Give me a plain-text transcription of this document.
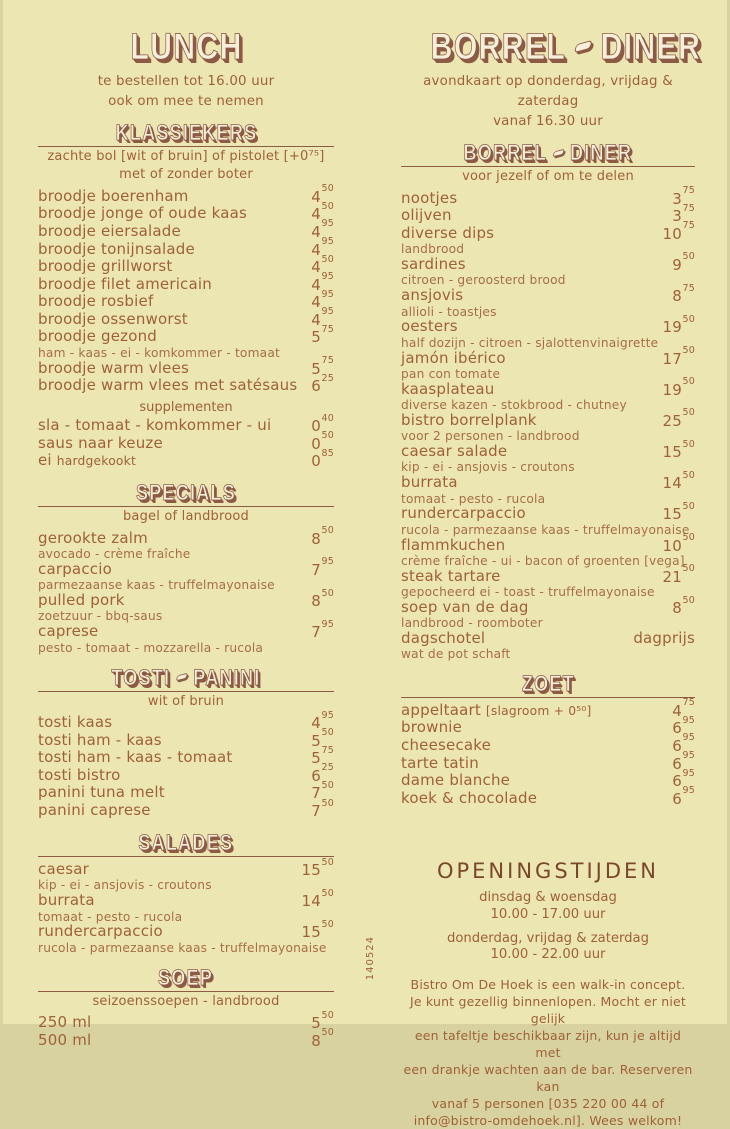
LUNCH
te bestellen tot 16.00 uur
ook om mee te nemen
KLASSIEKERS
zachte bol [wit of bruin] of pistolet [+0⁷⁵]
met of zonder boter
broodje boerenham	$4^{50}$
broodje jonge of oude kaas	$4^{50}$
broodje eiersalade	$4^{95}$
broodje tonijnsalade	$4^{95}$
broodje grillworst	$4^{50}$
broodje filet americain	$4^{95}$
broodje rosbief	$4^{95}$
broodje ossenworst	$4^{95}$
broodje gezond	$5^{75}$
ham - kaas - ei - komkommer - tomaat
broodje warm vlees	$5^{75}$
broodje warm vlees met satésaus $6^{25}$
supplementen
sla - tomaat - komkommer - ui	$0^{40}$
saus naar keuze	$0^{50}$
ei hardgekookt	$0^{85}$
SPECIALS
bagel of landbrood
gerookte zalm	$8^{50}$
avocado - crème fraîche
carpaccio	$7^{95}$
parmezaanse kaas - truffelmayonaise
pulled pork	$8^{50}$
zoetzuur - bbq-saus
caprese	$7^{95}$
pesto - tomaat - mozzarella - rucola
TOSTI PANINI
wit of bruin
tosti kaas	$4^{95}$
tosti ham - kaas	$5^{50}$
tosti ham - kaas - tomaat	$5^{75}$
tosti bistro	$6^{25}$
panini tuna melt	$7^{50}$
panini caprese	$7^{50}$
SALADES
caesar	$15^{50}$
kip - ei - ansjovis - croutons
burrata	$14^{50}$
tomaat - pesto - rucola
rundercarpaccio	$15^{50}$
rucola - parmezaanse kaas - truffelmayonaise
SOEP
seizoenssoepen - landbrood
250 ml	$5^{50}$
500 ml	$8^{50}$
BORREL DINER
avondkaart op donderdag, vrijdag & zaterdag
vanaf 16.30 uur
BORREL DINER
voor jezelf of om te delen
nootjes	$3^{75}$
olijven	$3^{75}$
diverse dips	$10^{75}$
landbrood
sardines	$9^{50}$
citroen - geroosterd brood
ansjovis	$8^{75}$
allioli - toastjes
oesters	$19^{50}$
half dozijn - citroen - sjalottenvinaigrette
jamón ibérico	$17^{50}$
pan con tomate
kaasplateau	$19^{50}$
diverse kazen - stokbrood - chutney
bistro borrelplank	$25^{50}$
voor 2 personen - landbrood
caesar salade	$15^{50}$
kip - ei - ansjovis - croutons
burrata	$14^{50}$
tomaat - pesto - rucola
rundercarpaccio	$15^{50}$
rucola - parmezaanse kaas - truffelmayonaise
flammkuchen	$10^{50}$
crème fraîche - ui - bacon of groenten [vega]
steak tartare	$21^{50}$
gepocheerd ei - toast - truffelmayonaise
soep van de dag	$8^{50}$
landbrood - roomboter
dagschotel	dagprijs
wat de pot schaft
ZOET
appeltaart [slagroom + 0⁵⁰]	$4^{75}$
brownie	$6^{95}$
cheesecake	$6^{95}$
tarte tatin	$6^{95}$
dame blanche	$6^{95}$
koek & chocolade	$6^{95}$
OPENINGSTIJDEN
dinsdag & woensdag
10.00 - 17.00 uur
donderdag, vrijdag & zaterdag
10.00 - 22.00 uur
Bistro Om De Hoek is een walk-in concept.
Je kunt gezellig binnenlopen. Mocht er niet gelijk
een tafeltje beschikbaar zijn, kun je altijd met
een drankje wachten aan de bar. Reserveren kan
vanaf 5 personen [035 220 00 44 of
info@bistro-omdehoek.nl]. Wees welkom!
140524
